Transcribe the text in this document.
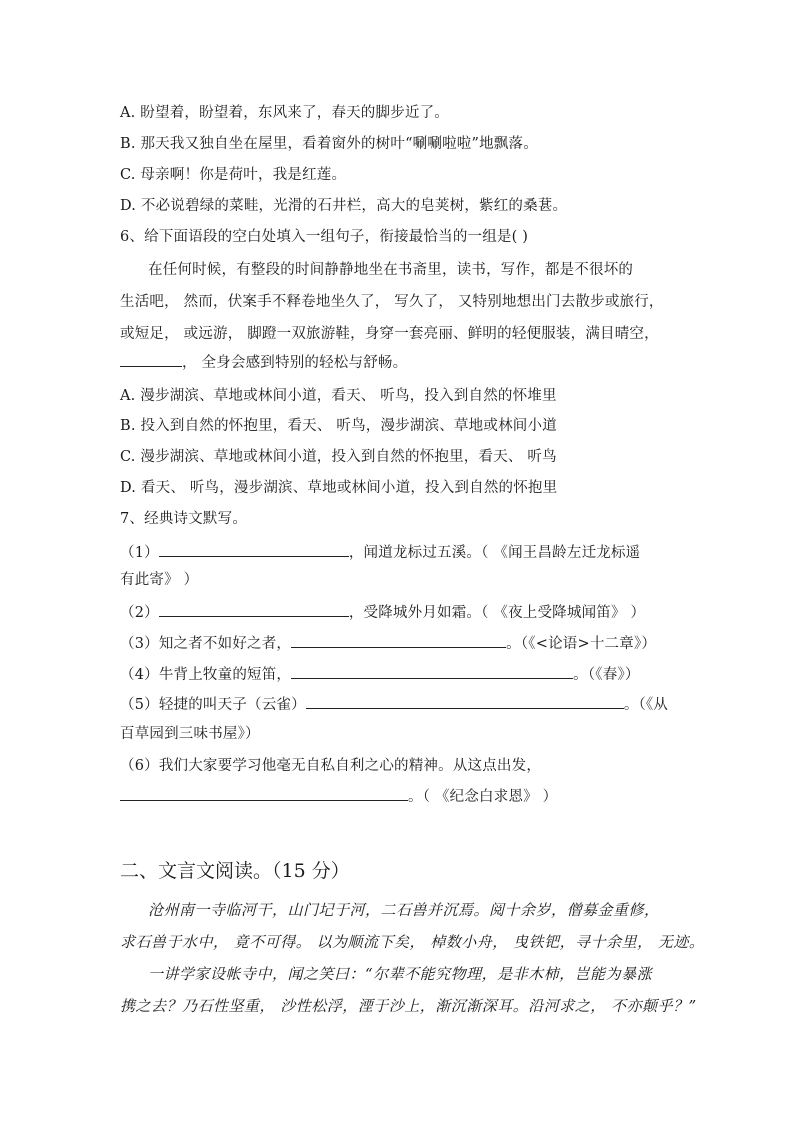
A. 盼望着，盼望着，东风来了，春天的脚步近了。
B. 那天我又独自坐在屋里，看着窗外的树叶“唰唰啦啦”地飘落。
C. 母亲啊！你是荷叶，我是红莲。
D. 不必说碧绿的菜畦，光滑的石井栏，高大的皂荚树，紫红的桑葚。
6、给下面语段的空白处填入一组句子，衔接最恰当的一组是( )
在任何时候，有整段的时间静静地坐在书斋里，读书，写作，都是不很坏的
生活吧， 然而，伏案手不释卷地坐久了， 写久了， 又特别地想出门去散步或旅行，
或短足， 或远游， 脚蹬一双旅游鞋，身穿一套亮丽、鲜明的轻便服装，满目晴空，
， 全身会感到特别的轻松与舒畅。
A. 漫步湖滨、草地或林间小道，看天、 听鸟，投入到自然的怀堆里
B. 投入到自然的怀抱里，看天、 听鸟，漫步湖滨、草地或林间小道
C. 漫步湖滨、草地或林间小道，投入到自然的怀抱里，看天、 听鸟
D. 看天、 听鸟，漫步湖滨、草地或林间小道，投入到自然的怀抱里
7、经典诗文默写。
（1）	，闻道龙标过五溪。（ 《闻王昌龄左迁龙标遥
有此寄》 ）
（2）	，受降城外月如霜。（ 《夜上受降城闻笛》 ）
（3）知之者不如好之者，	。（《<论语>十二章》）
（4）牛背上牧童的短笛，	。（《春》）
（5）轻捷的叫天子（云雀）	。（《从
百草园到三味书屋》）
（6）我们大家要学习他毫无自私自利之心的精神。从这点出发，
。（ 《纪念白求恩》 ）
二、文言文阅读。（15 分）
沧州南一寺临河干，山门圮于河，二石兽并沉焉。阅十余岁，僧募金重修，
求石兽于水中， 竟不可得。 以为顺流下矣， 棹数小舟， 曳铁钯，寻十余里， 无迹。
一讲学家设帐寺中，闻之笑曰：“尔辈不能究物理，是非木柿，岂能为暴涨
携之去？乃石性坚重， 沙性松浮，湮于沙上，渐沉渐深耳。沿河求之， 不亦颠乎？”
